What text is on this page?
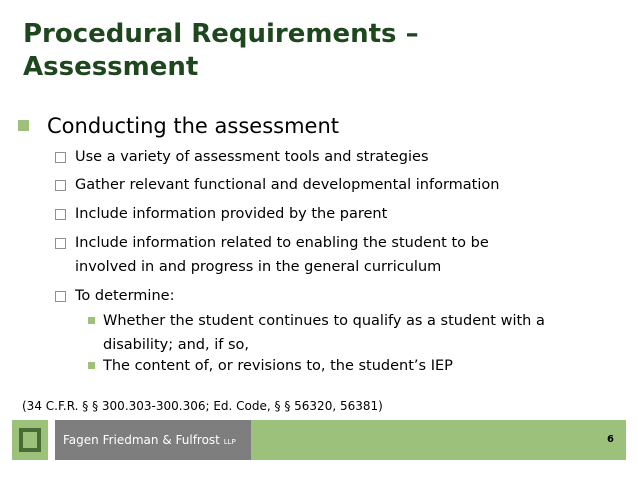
Procedural Requirements –
Assessment
Conducting the assessment
Use a variety of assessment tools and strategies
Gather relevant functional and developmental information
Include information provided by the parent
Include information related to enabling the student to be
involved in and progress in the general curriculum
To determine:
Whether the student continues to qualify as a student with a
disability; and, if so,
The content of, or revisions to, the student’s IEP
(34 C.F.R. § § 300.303-300.306; Ed. Code, § § 56320, 56381)
Fagen Friedman & Fulfrost LLP	6
